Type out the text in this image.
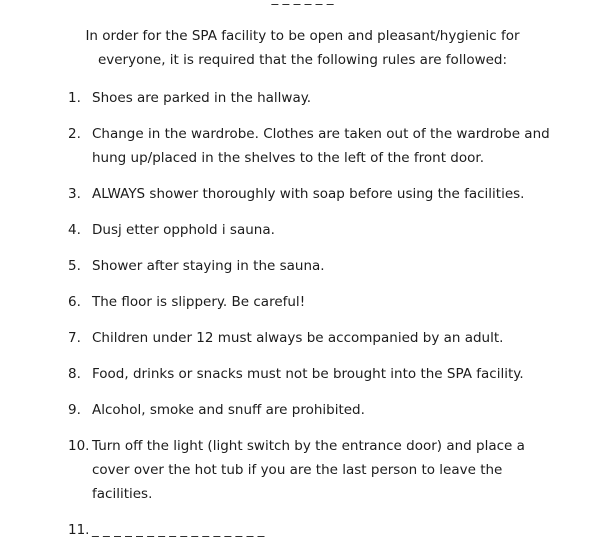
In order for the SPA facility to be open and pleasant/hygienic for everyone, it is required that the following rules are followed:
1. Shoes are parked in the hallway.
2. Change in the wardrobe. Clothes are taken out of the wardrobe and hung up/placed in the shelves to the left of the front door.
3. ALWAYS shower thoroughly with soap before using the facilities.
4. Dusj etter opphold i sauna.
5. Shower after staying in the sauna.
6. The floor is slippery. Be careful!
7. Children under 12 must always be accompanied by an adult.
8. Food, drinks or snacks must not be brought into the SPA facility.
9. Alcohol, smoke and snuff are prohibited.
10. Turn off the light (light switch by the entrance door) and place a cover over the hot tub if you are the last person to leave the facilities.
11. _ _ _ _ _ _ _ _ _ _ _ _ _ _ _ _
